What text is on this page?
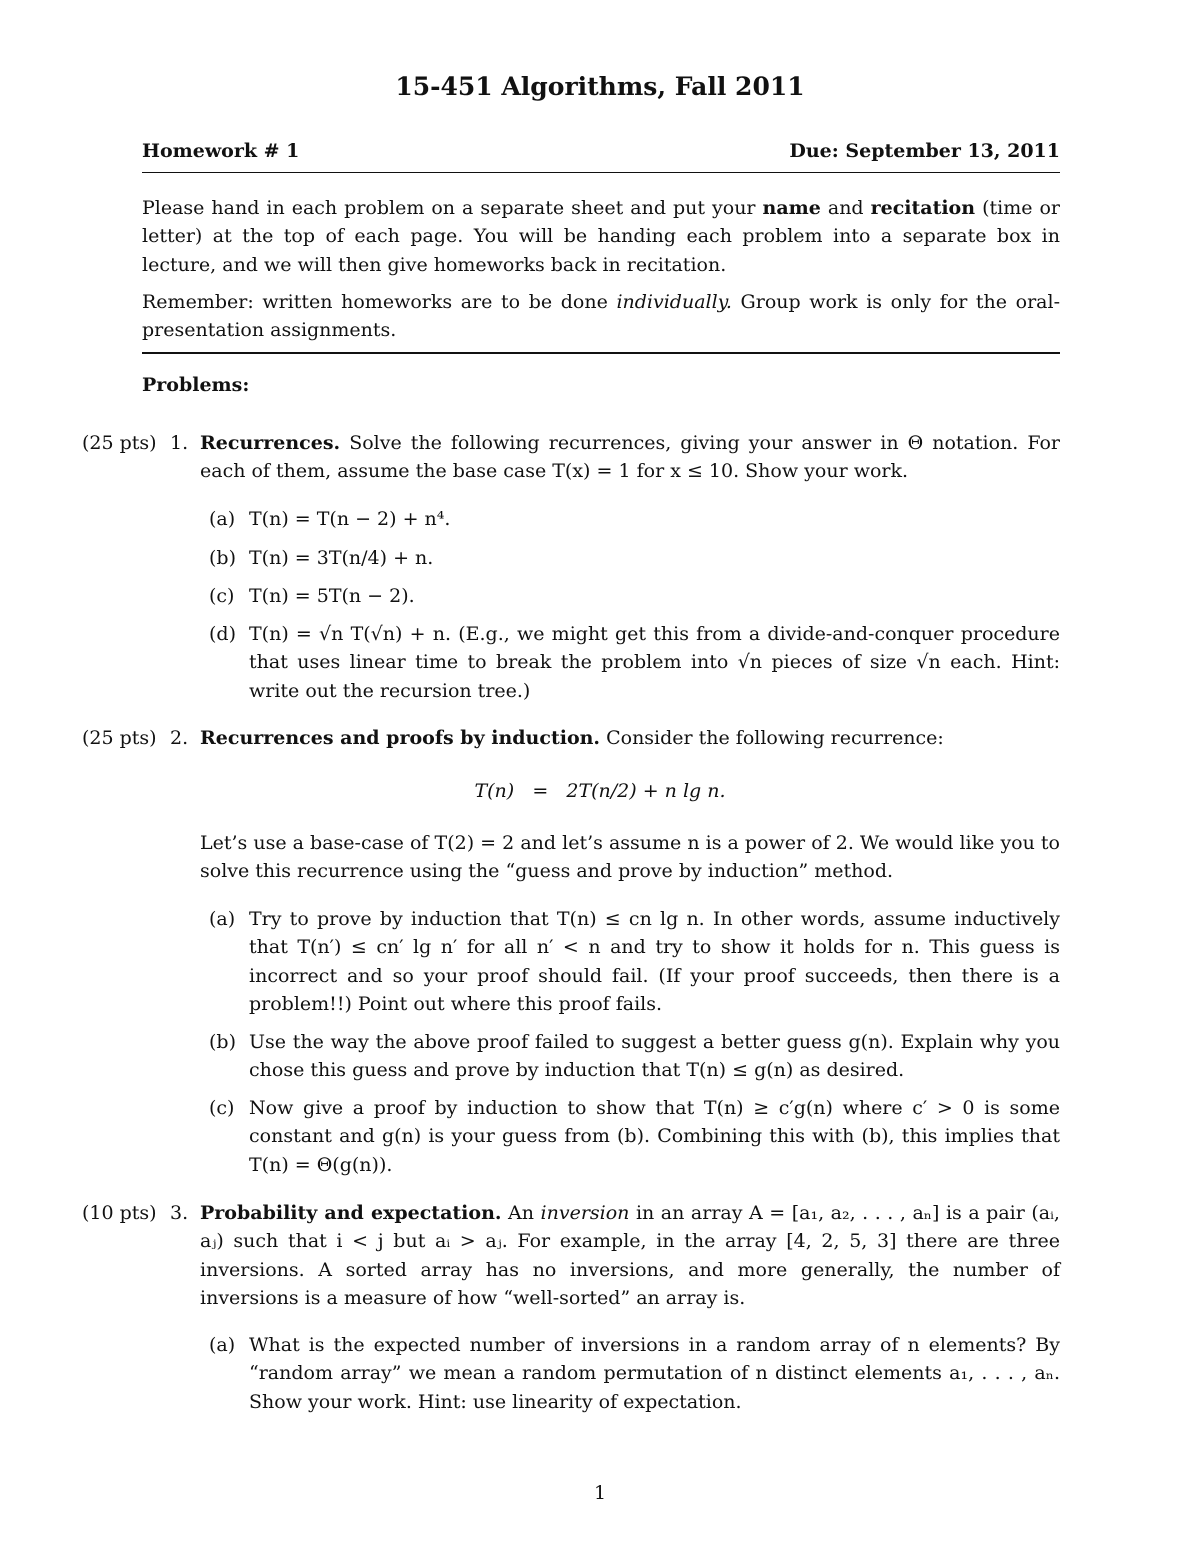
15-451 Algorithms, Fall 2011
Homework # 1	Due: September 13, 2011
Please hand in each problem on a separate sheet and put your name and recitation (time or letter) at the top of each page. You will be handing each problem into a separate box in lecture, and we will then give homeworks back in recitation.
Remember: written homeworks are to be done individually. Group work is only for the oral-presentation assignments.
Problems:
(25 pts) 1. Recurrences. Solve the following recurrences, giving your answer in Θ notation. For each of them, assume the base case T(x) = 1 for x ≤ 10. Show your work.
(a) T(n) = T(n − 2) + n⁴.
(b) T(n) = 3T(n/4) + n.
(c) T(n) = 5T(n − 2).
(d) T(n) = √n T(√n) + n. (E.g., we might get this from a divide-and-conquer procedure that uses linear time to break the problem into √n pieces of size √n each. Hint: write out the recursion tree.)
(25 pts) 2. Recurrences and proofs by induction. Consider the following recurrence:
T(n)   =   2T(n/2) + n lg n.
Let’s use a base-case of T(2) = 2 and let’s assume n is a power of 2. We would like you to solve this recurrence using the “guess and prove by induction” method.
(a) Try to prove by induction that T(n) ≤ cn lg n. In other words, assume inductively that T(n′) ≤ cn′ lg n′ for all n′ < n and try to show it holds for n. This guess is incorrect and so your proof should fail. (If your proof succeeds, then there is a problem!!) Point out where this proof fails.
(b) Use the way the above proof failed to suggest a better guess g(n). Explain why you chose this guess and prove by induction that T(n) ≤ g(n) as desired.
(c) Now give a proof by induction to show that T(n) ≥ c′g(n) where c′ > 0 is some constant and g(n) is your guess from (b). Combining this with (b), this implies that T(n) = Θ(g(n)).
(10 pts) 3. Probability and expectation. An inversion in an array A = [a₁, a₂, . . . , aₙ] is a pair (aᵢ, aⱼ) such that i < j but aᵢ > aⱼ. For example, in the array [4, 2, 5, 3] there are three inversions. A sorted array has no inversions, and more generally, the number of inversions is a measure of how “well-sorted” an array is.
(a) What is the expected number of inversions in a random array of n elements? By “random array” we mean a random permutation of n distinct elements a₁, . . . , aₙ. Show your work. Hint: use linearity of expectation.
1
